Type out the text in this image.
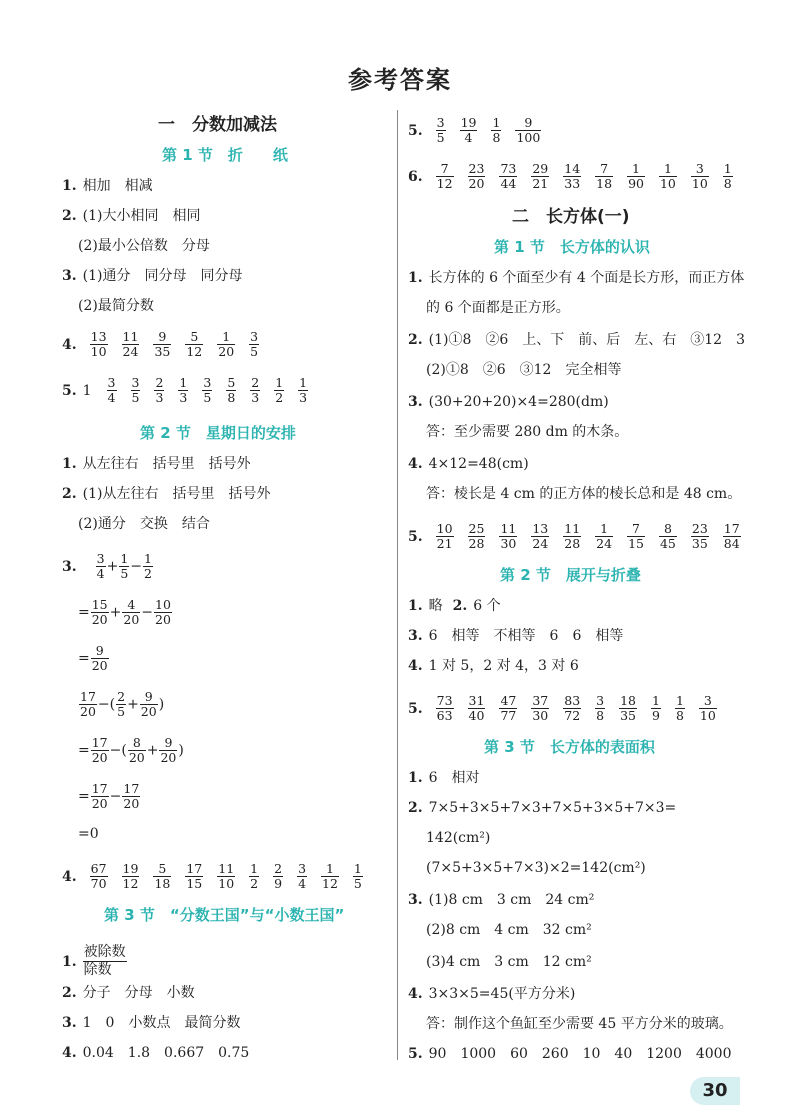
参考答案
一　分数加减法
第 1 节　折　　纸
1. 相加　相减
2. (1)大小相同　相同
(2)最小公倍数　分母
3. (1)通分　同分母　同分母
(2)最简分数
4. $\frac{13}{10} \frac{11}{24} \frac{9}{35} \frac{5}{12} \frac{1}{20} \frac{3}{5}$
5. $1 \frac{3}{4} \frac{3}{5} \frac{2}{3} \frac{1}{3} \frac{3}{5} \frac{5}{8} \frac{2}{3} \frac{1}{2} \frac{1}{3}$
第 2 节　星期日的安排
1. 从左往右　括号里　括号外
2. (1)从左往右　括号里　括号外
(2)通分　交换　结合
3. $\frac{3}{4} + \frac{1}{5} - \frac{1}{2}$
= $\frac{15}{20} + \frac{4}{20} - \frac{10}{20}$
= $\frac{9}{20}$
$\frac{17}{20}$ −( $\frac{2}{5} + \frac{9}{20}$ )
= $\frac{17}{20}$ −( $\frac{8}{20} + \frac{9}{20}$ )
= $\frac{17}{20} - \frac{17}{20}$
=0
4. $\frac{67}{70} \frac{19}{12} \frac{5}{18} \frac{17}{15} \frac{11}{10} \frac{1}{2} \frac{2}{9} \frac{3}{4} \frac{1}{12} \frac{1}{5}$
第 3 节　“分数王国”与“小数王国”
1.
被除数
除数
2. 分子　分母　小数
3. 1　0　小数点　最简分数
4. 0.04　1.8　0.667　0.75
5. $\frac{3}{5} \frac{19}{4} \frac{1}{8} \frac{9}{100}$
6. $\frac{7}{12} \frac{23}{20} \frac{73}{44} \frac{29}{21} \frac{14}{33} \frac{7}{18} \frac{1}{90} \frac{1}{10} \frac{3}{10} \frac{1}{8}$
二　长方体(一)
第 1 节　长方体的认识
1. 长方体的 6 个面至少有 4 个面是长方形，而正方体
的 6 个面都是正方形。
2. (1)①8　②6　上、下　前、后　左、右　③12　3
(2)①8　②6　③12　完全相等
3. (30+20+20)×4=280(dm)
答：至少需要 280 dm 的木条。
4. 4×12=48(cm)
答：棱长是 4 cm 的正方体的棱长总和是 48 cm。
5. $\frac{10}{21} \frac{25}{28} \frac{11}{30} \frac{13}{24} \frac{11}{28} \frac{1}{24} \frac{7}{15} \frac{8}{45} \frac{23}{35} \frac{17}{84}$
第 2 节　展开与折叠
1. 略 2. 6 个
3. 6　相等　不相等　6　6　相等
4. 1 对 5，2 对 4，3 对 6
5. $\frac{73}{63} \frac{31}{40} \frac{47}{77} \frac{37}{30} \frac{83}{72} \frac{3}{8} \frac{18}{35} \frac{1}{9} \frac{1}{8} \frac{3}{10}$
第 3 节　长方体的表面积
1. 6　相对
2. 7×5+3×5+7×3+7×5+3×5+7×3=
142(cm²)
(7×5+3×5+7×3)×2=142(cm²)
3. (1)8 cm　3 cm　24 cm²
(2)8 cm　4 cm　32 cm²
(3)4 cm　3 cm　12 cm²
4. 3×3×5=45(平方分米)
答：制作这个鱼缸至少需要 45 平方分米的玻璃。
5. 90　1000　60　260　10　40　1200　4000
30
